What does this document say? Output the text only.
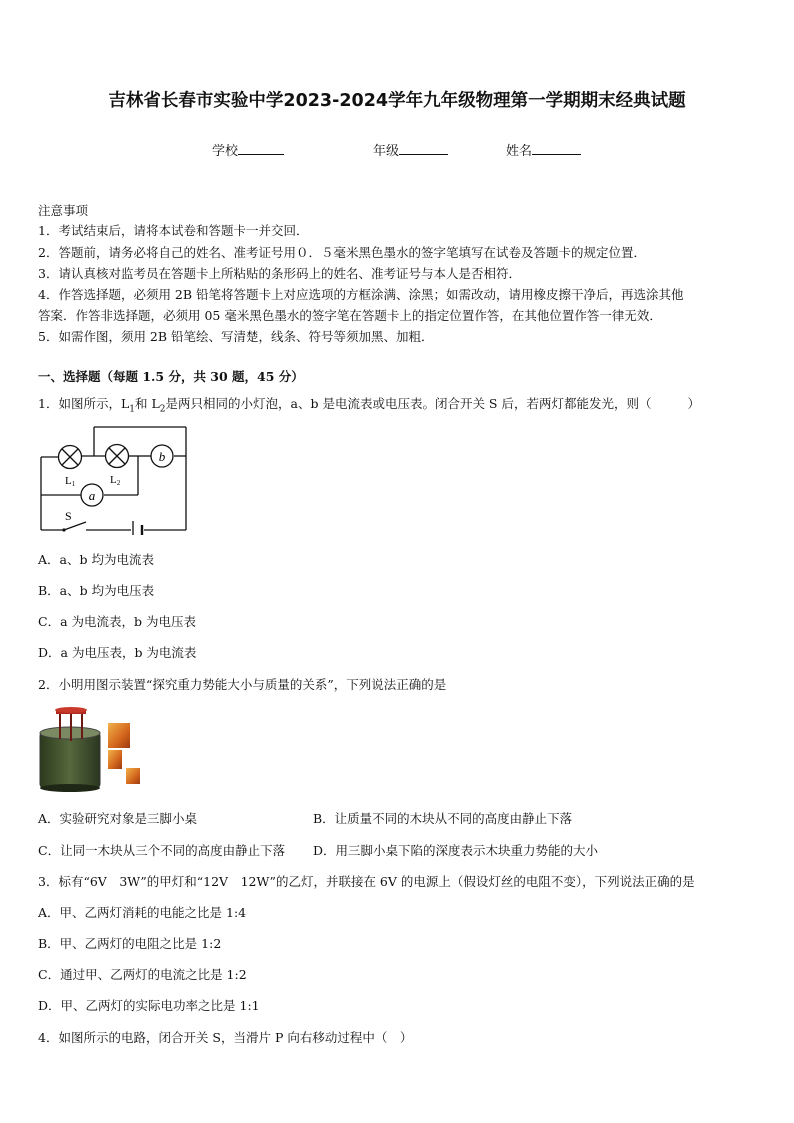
吉林省长春市实验中学2023-2024学年九年级物理第一学期期末经典试题
学校	年级	姓名
注意事项
1．考试结束后，请将本试卷和答题卡一并交回．
2．答题前，请务必将自己的姓名、准考证号用０．５毫米黑色墨水的签字笔填写在试卷及答题卡的规定位置．
3．请认真核对监考员在答题卡上所粘贴的条形码上的姓名、准考证号与本人是否相符．
4．作答选择题，必须用 2B 铅笔将答题卡上对应选项的方框涂满、涂黑；如需改动，请用橡皮擦干净后，再选涂其他
答案．作答非选择题，必须用 05 毫米黑色墨水的签字笔在答题卡上的指定位置作答，在其他位置作答一律无效．
5．如需作图，须用 2B 铅笔绘、写清楚，线条、符号等须加黑、加粗．
一、选择题（每题 1.5 分，共 30 题，45 分）
1．如图所示，$L_1$和 $L_2$是两只相同的小灯泡，a、b 是电流表或电压表。闭合开关 S 后，若两灯都能发光，则（	）
a
b
L1	L2
S
A．a、b 均为电流表
B．a、b 均为电压表
C．a 为电流表，b 为电压表
D．a 为电压表，b 为电流表
2．小明用图示装置“探究重力势能大小与质量的关系”，下列说法正确的是
A．实验研究对象是三脚小桌	B．让质量不同的木块从不同的高度由静止下落
C．让同一木块从三个不同的高度由静止下落 D．用三脚小桌下陷的深度表示木块重力势能的大小
3．标有“6V　3W”的甲灯和“12V　12W”的乙灯，并联接在 6V 的电源上（假设灯丝的电阻不变），下列说法正确的是
A．甲、乙两灯消耗的电能之比是 1:4
B．甲、乙两灯的电阻之比是 1:2
C．通过甲、乙两灯的电流之比是 1:2
D．甲、乙两灯的实际电功率之比是 1:1
4．如图所示的电路，闭合开关 S，当滑片 P 向右移动过程中（　）
